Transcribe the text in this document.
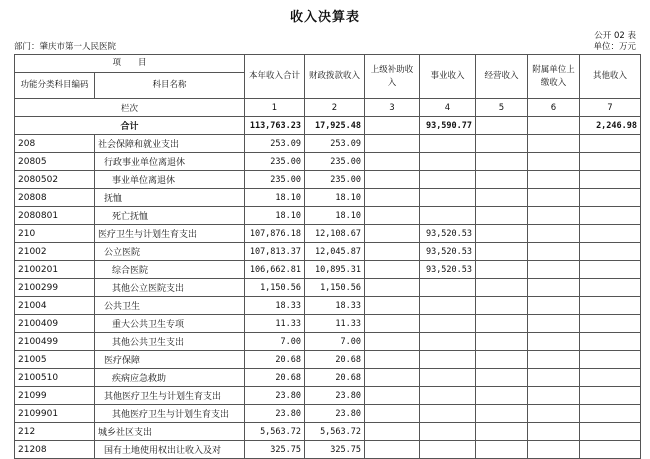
收入决算表
公开 02 表
部门：肇庆市第一人民医院	单位：万元
项　　目		本年收入合计	财政拨款收入	上级补助收入	事业收入	经营收入	附属单位上缴收入	其他收入
功能分类科目编码	科目名称							
栏次		1	2	3	4	5	6	7
合计		113,763.23	17,925.48		93,590.77			2,246.98
208	社会保障和就业支出	253.09	253.09					
20805	行政事业单位离退休	235.00	235.00					
2080502	事业单位离退休	235.00	235.00					
20808	抚恤	18.10	18.10					
2080801	死亡抚恤	18.10	18.10					
210	医疗卫生与计划生育支出	107,876.18	12,108.67		93,520.53			
21002	公立医院	107,813.37	12,045.87		93,520.53			
2100201	综合医院	106,662.81	10,895.31		93,520.53			
2100299	其他公立医院支出	1,150.56	1,150.56					
21004	公共卫生	18.33	18.33					
2100409	重大公共卫生专项	11.33	11.33					
2100499	其他公共卫生支出	7.00	7.00					
21005	医疗保障	20.68	20.68					
2100510	疾病应急救助	20.68	20.68					
21099	其他医疗卫生与计划生育支出	23.80	23.80					
2109901	其他医疗卫生与计划生育支出	23.80	23.80					
212	城乡社区支出	5,563.72	5,563.72					
21208	国有土地使用权出让收入及对	325.75	325.75					
